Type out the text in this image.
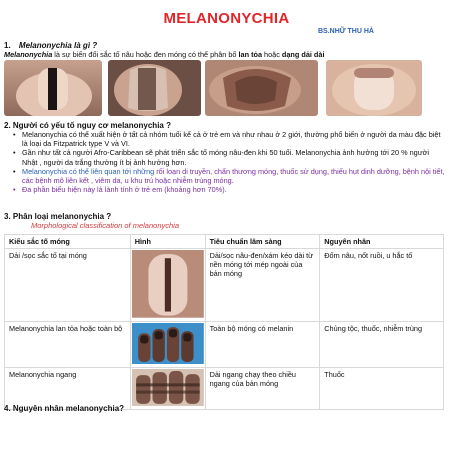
MELANONYCHIA
BS.NHỮ THU HÀ
1. Melanonychia là gì ?
Melanonychia là sự biến đổi sắc tố nâu hoặc đen móng có thể phân bố lan tỏa hoặc dạng dải dài
2. Người có yếu tố nguy cơ melanonychia ?
• Melanonychia có thể xuất hiện ở tất cả nhóm tuổi kể cả ở trẻ em và như nhau ở 2 giới, thường phổ biến ở người da màu đặc biệt là loại da Fitzpatrick type V và VI.
• Gần như tất cả người Afro-Caribbean sẽ phát triển sắc tố móng nâu-đen khi 50 tuổi. Melanonychia ảnh hưởng tới 20 % người Nhật , người da trắng thường ít bị ảnh hưởng hơn.
• Melanonychia có thể liên quan tới những rối loạn di truyền, chấn thương móng, thuốc sử dụng, thiếu hụt dinh dưỡng, bệnh nội tiết, các bệnh mô liên kết , viêm da, u khu trú hoặc nhiễm trùng móng.
• Đa phần biểu hiện này là lành tính ở trẻ em (khoảng hơn 70%).
3. Phân loại melanonychia ?
Morphological classification of melanonychia
Kiểu sắc tố móng	Hình	Tiêu chuẩn lâm sàng	Nguyên nhân
Dải /sọc sắc tố tại móng		Dải/sọc nâu-đen/xám kéo dài từ nền móng tới mép ngoài của bản móng	Đốm nâu, nốt ruồi, u hắc tố
Melanonychia lan tỏa hoặc toàn bộ		Toàn bộ móng có melanin	Chủng tộc, thuốc, nhiễm trùng
Melanonychia ngang		Dải ngang chạy theo chiều ngang của bản móng	Thuốc
4. Nguyên nhân melanonychia?
